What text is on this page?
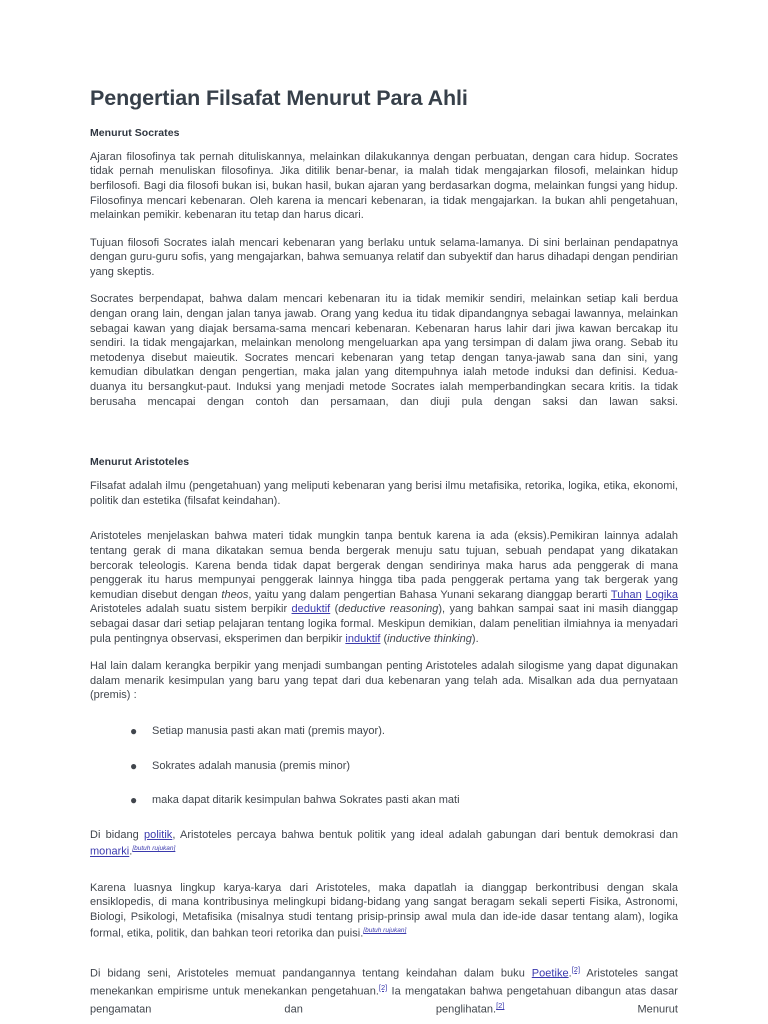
Pengertian Filsafat Menurut Para Ahli
Menurut Socrates

Ajaran filosofinya tak pernah dituliskannya, melainkan dilakukannya dengan perbuatan, dengan cara hidup. Socrates tidak pernah menuliskan filosofinya. Jika ditilik benar-benar, ia malah tidak mengajarkan filosofi, melainkan hidup berfilosofi. Bagi dia filosofi bukan isi, bukan hasil, bukan ajaran yang berdasarkan dogma, melainkan fungsi yang hidup. Filosofinya mencari kebenaran. Oleh karena ia mencari kebenaran, ia tidak mengajarkan. Ia bukan ahli pengetahuan, melainkan pemikir. kebenaran itu tetap dan harus dicari.

Tujuan filosofi Socrates ialah mencari kebenaran yang berlaku untuk selama-lamanya. Di sini berlainan pendapatnya dengan guru-guru sofis, yang mengajarkan, bahwa semuanya relatif dan subyektif dan harus dihadapi dengan pendirian yang skeptis.

Socrates berpendapat, bahwa dalam mencari kebenaran itu ia tidak memikir sendiri, melainkan setiap kali berdua dengan orang lain, dengan jalan tanya jawab. Orang yang kedua itu tidak dipandangnya sebagai lawannya, melainkan sebagai kawan yang diajak bersama-sama mencari kebenaran. Kebenaran harus lahir dari jiwa kawan bercakap itu sendiri. Ia tidak mengajarkan, melainkan menolong mengeluarkan apa yang tersimpan di dalam jiwa orang. Sebab itu metodenya disebut maieutik. Socrates mencari kebenaran yang tetap dengan tanya-jawab sana dan sini, yang kemudian dibulatkan dengan pengertian, maka jalan yang ditempuhnya ialah metode induksi dan definisi. Kedua-duanya itu bersangkut-paut. Induksi yang menjadi metode Socrates ialah memperbandingkan secara kritis. Ia tidak berusaha mencapai dengan contoh dan persamaan, dan diuji pula dengan saksi dan lawan saksi.

Menurut Aristoteles

Filsafat adalah ilmu (pengetahuan) yang meliputi kebenaran yang berisi ilmu metafisika, retorika, logika, etika, ekonomi, politik dan estetika (filsafat keindahan).

Aristoteles menjelaskan bahwa materi tidak mungkin tanpa bentuk karena ia ada (eksis).Pemikiran lainnya adalah tentang gerak di mana dikatakan semua benda bergerak menuju satu tujuan, sebuah pendapat yang dikatakan bercorak teleologis. Karena benda tidak dapat bergerak dengan sendirinya maka harus ada penggerak di mana penggerak itu harus mempunyai penggerak lainnya hingga tiba pada penggerak pertama yang tak bergerak yang kemudian disebut dengan theos, yaitu yang dalam pengertian Bahasa Yunani sekarang dianggap berarti Tuhan Logika Aristoteles adalah suatu sistem berpikir deduktif (deductive reasoning), yang bahkan sampai saat ini masih dianggap sebagai dasar dari setiap pelajaran tentang logika formal. Meskipun demikian, dalam penelitian ilmiahnya ia menyadari pula pentingnya observasi, eksperimen dan berpikir induktif (inductive thinking).

Hal lain dalam kerangka berpikir yang menjadi sumbangan penting Aristoteles adalah silogisme yang dapat digunakan dalam menarik kesimpulan yang baru yang tepat dari dua kebenaran yang telah ada. Misalkan ada dua pernyataan (premis) :

● Setiap manusia pasti akan mati (premis mayor).
● Sokrates adalah manusia (premis minor)
● maka dapat ditarik kesimpulan bahwa Sokrates pasti akan mati

Di bidang politik, Aristoteles percaya bahwa bentuk politik yang ideal adalah gabungan dari bentuk demokrasi dan monarki.[butuh rujukan]

Karena luasnya lingkup karya-karya dari Aristoteles, maka dapatlah ia dianggap berkontribusi dengan skala ensiklopedis, di mana kontribusinya melingkupi bidang-bidang yang sangat beragam sekali seperti Fisika, Astronomi, Biologi, Psikologi, Metafisika (misalnya studi tentang prisip-prinsip awal mula dan ide-ide dasar tentang alam), logika formal, etika, politik, dan bahkan teori retorika dan puisi.[butuh rujukan]

Di bidang seni, Aristoteles memuat pandangannya tentang keindahan dalam buku Poetike.[2] Aristoteles sangat menekankan empirisme untuk menekankan pengetahuan.[2] Ia mengatakan bahwa pengetahuan dibangun atas dasar pengamatan dan penglihatan.[2] Menurut
